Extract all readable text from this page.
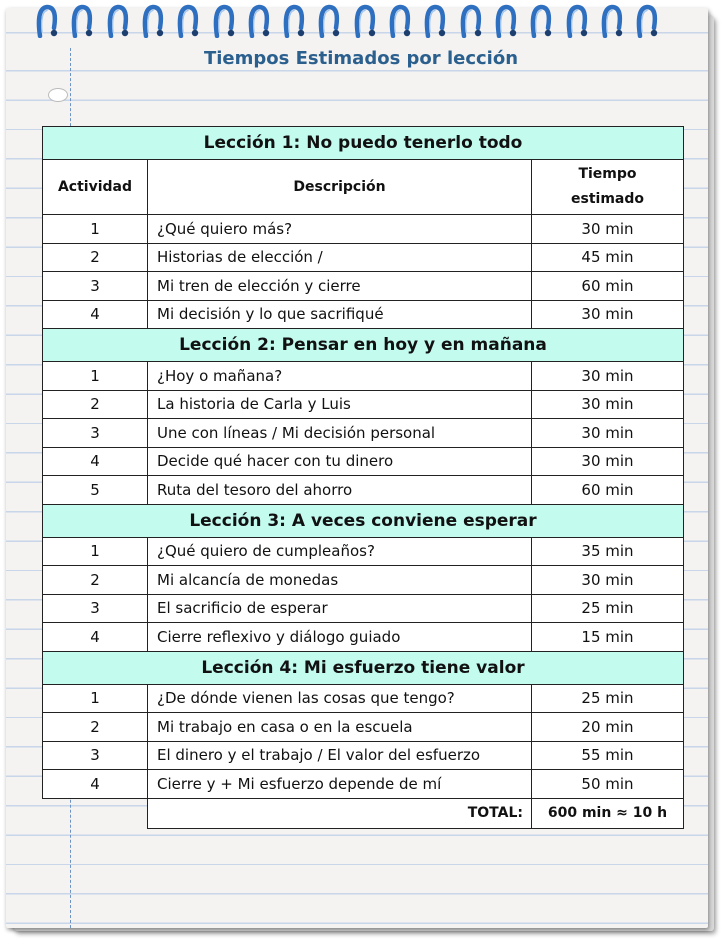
Tiempos Estimados por lección
Lección 1: No puedo tenerlo todo		
Actividad	Descripción	Tiempo
estimado
1	¿Qué quiero más?	30 min
2	Historias de elección /	45 min
3	Mi tren de elección y cierre	60 min
4	Mi decisión y lo que sacrifiqué	30 min
Lección 2: Pensar en hoy y en mañana		
1	¿Hoy o mañana?	30 min
2	La historia de Carla y Luis	30 min
3	Une con líneas / Mi decisión personal	30 min
4	Decide qué hacer con tu dinero	30 min
5	Ruta del tesoro del ahorro	60 min
Lección 3: A veces conviene esperar		
1	¿Qué quiero de cumpleaños?	35 min
2	Mi alcancía de monedas	30 min
3	El sacrificio de esperar	25 min
4	Cierre reflexivo y diálogo guiado	15 min
Lección 4: Mi esfuerzo tiene valor		
1	¿De dónde vienen las cosas que tengo?	25 min
2	Mi trabajo en casa o en la escuela	20 min
3	El dinero y el trabajo / El valor del esfuerzo	55 min
4	Cierre y + Mi esfuerzo depende de mí	50 min
	TOTAL:	600 min ≈ 10 h
